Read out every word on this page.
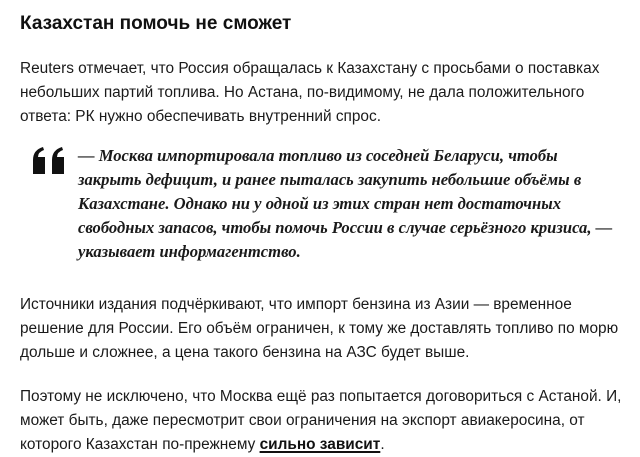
Казахстан помочь не сможет

Reuters отмечает, что Россия обращалась к Казахстану с просьбами о поставках небольших партий топлива. Но Астана, по-видимому, не дала положительного ответа: РК нужно обеспечивать внутренний спрос.

— Москва импортировала топливо из соседней Беларуси, чтобы закрыть дефицит, и ранее пыталась закупить небольшие объёмы в Казахстане. Однако ни у одной из этих стран нет достаточных свободных запасов, чтобы помочь России в случае серьёзного кризиса, — указывает информагентство.

Источники издания подчёркивают, что импорт бензина из Азии — временное решение для России. Его объём ограничен, к тому же доставлять топливо по морю дольше и сложнее, а цена такого бензина на АЗС будет выше.

Поэтому не исключено, что Москва ещё раз попытается договориться с Астаной. И, может быть, даже пересмотрит свои ограничения на экспорт авиакеросина, от которого Казахстан по-прежнему сильно зависит.
